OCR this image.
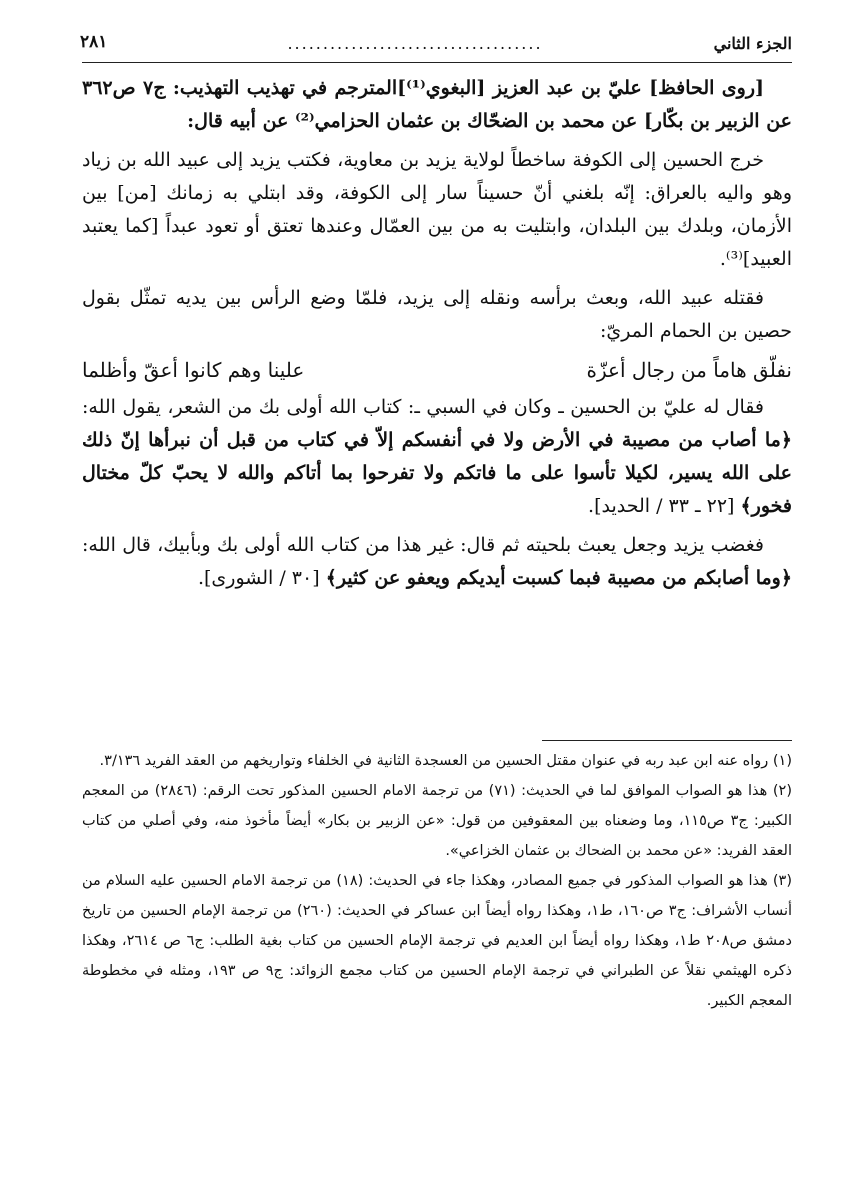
الجزء الثاني
....................................
٢٨١

[روى الحافظ] عليّ بن عبد العزيز [البغوي⁽¹⁾]المترجم في تهذيب التهذيب: ج٧ ص٣٦٢ عن الزبير بن بكّار] عن محمد بن الضحّاك بن عثمان الحزامي⁽²⁾ عن أبيه قال:

خرج الحسين إلى الكوفة ساخطاً لولاية يزيد بن معاوية، فكتب يزيد إلى عبيد الله بن زياد وهو واليه بالعراق: إنّه بلغني أنّ حسيناً سار إلى الكوفة، وقد ابتلي به زمانك [من] بين الأزمان، وبلدك بين البلدان، وابتليت به من بين العمّال وعندها تعتق أو تعود عبداً [كما يعتبد العبيد]⁽³⁾.

فقتله عبيد الله، وبعث برأسه ونقله إلى يزيد، فلمّا وضع الرأس بين يديه تمثّل بقول حصين بن الحمام المريّ:

نفلّق هاماً من رجال أعزّة
علينا وهم كانوا أعقّ وأظلما

فقال له عليّ بن الحسين ـ وكان في السبي ـ: كتاب الله أولى بك من الشعر، يقول الله: ﴿ما أصاب من مصيبة في الأرض ولا في أنفسكم إلاّ في كتاب من قبل أن نبرأها إنّ ذلك على الله يسير، لكيلا تأسوا على ما فاتكم ولا تفرحوا بما أتاكم والله لا يحبّ كلّ مختال فخور﴾ [٢٢ ـ ٣٣ / الحديد].

فغضب يزيد وجعل يعبث بلحيته ثم قال: غير هذا من كتاب الله أولى بك وبأبيك، قال الله: ﴿وما أصابكم من مصيبة فبما كسبت أيديكم ويعفو عن كثير﴾ [٣٠ / الشورى].

(١) رواه عنه ابن عبد ربه في عنوان مقتل الحسين من العسجدة الثانية في الخلفاء وتواريخهم من العقد الفريد ٣/١٣٦.

(٢) هذا هو الصواب الموافق لما في الحديث: (٧١) من ترجمة الامام الحسين المذكور تحت الرقم: (٢٨٤٦) من المعجم الكبير: ج٣ ص١١٥، وما وضعناه بين المعقوفين من قول: «عن الزبير بن بكار» أيضاً مأخوذ منه، وفي أصلي من كتاب العقد الفريد: «عن محمد بن الضحاك بن عثمان الخزاعي».

(٣) هذا هو الصواب المذكور في جميع المصادر، وهكذا جاء في الحديث: (١٨) من ترجمة الامام الحسين عليه السلام من أنساب الأشراف: ج٣ ص١٦٠، ط١، وهكذا رواه أيضاً ابن عساكر في الحديث: (٢٦٠) من ترجمة الإمام الحسين من تاريخ دمشق ص٢٠٨ ط١، وهكذا رواه أيضاً ابن العديم في ترجمة الإمام الحسين من كتاب بغية الطلب: ج٦ ص ٢٦١٤، وهكذا ذكره الهيثمي نقلاً عن الطبراني في ترجمة الإمام الحسين من كتاب مجمع الزوائد: ج٩ ص ١٩٣، ومثله في مخطوطة المعجم الكبير.
